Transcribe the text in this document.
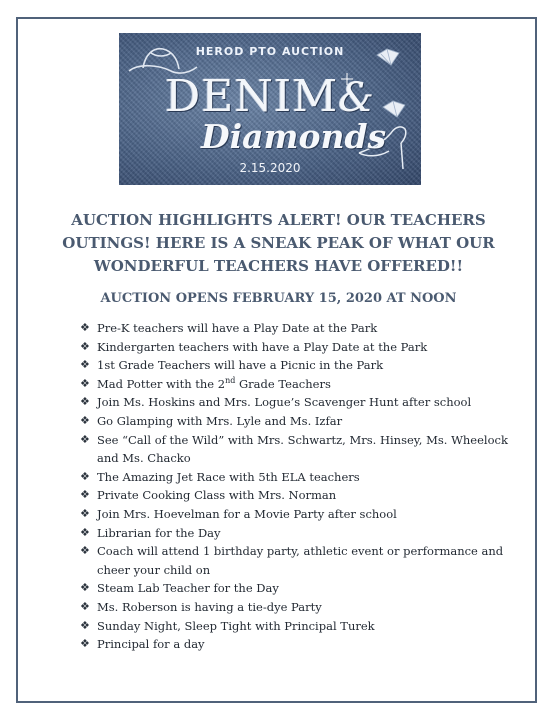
HEROD PTO AUCTION
DENIM&
Diamonds
2.15.2020

AUCTION HIGHLIGHTS ALERT! OUR TEACHERS OUTINGS! HERE IS A SNEAK PEAK OF WHAT OUR WONDERFUL TEACHERS HAVE OFFERED!!

AUCTION OPENS FEBRUARY 15, 2020 AT NOON

❖ Pre-K teachers will have a Play Date at the Park
❖ Kindergarten teachers with have a Play Date at the Park
❖ 1st Grade Teachers will have a Picnic in the Park
❖ Mad Potter with the 2nd Grade Teachers
❖ Join Ms. Hoskins and Mrs. Logue’s Scavenger Hunt after school
❖ Go Glamping with Mrs. Lyle and Ms. Izfar
❖ See “Call of the Wild” with Mrs. Schwartz, Mrs. Hinsey, Ms. Wheelock and Ms. Chacko
❖ The Amazing Jet Race with 5th ELA teachers
❖ Private Cooking Class with Mrs. Norman
❖ Join Mrs. Hoevelman for a Movie Party after school
❖ Librarian for the Day
❖ Coach will attend 1 birthday party, athletic event or performance and cheer your child on
❖ Steam Lab Teacher for the Day
❖ Ms. Roberson is having a tie-dye Party
❖ Sunday Night, Sleep Tight with Principal Turek
❖ Principal for a day
